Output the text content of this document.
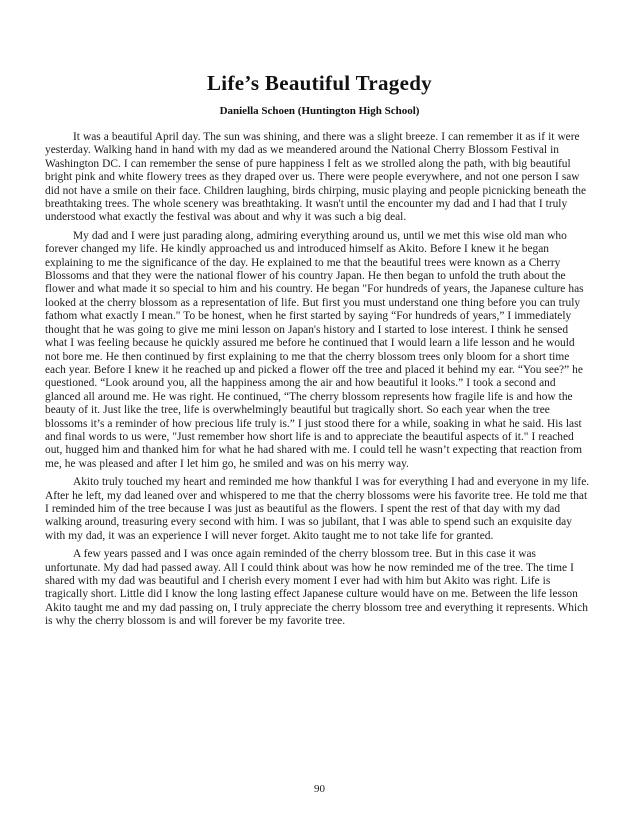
Life’s Beautiful Tragedy
Daniella Schoen (Huntington High School)

It was a beautiful April day. The sun was shining, and there was a slight breeze. I can remember it as if it were yesterday. Walking hand in hand with my dad as we meandered around the National Cherry Blossom Festival in Washington DC. I can remember the sense of pure happiness I felt as we strolled along the path, with big beautiful bright pink and white flowery trees as they draped over us. There were people everywhere, and not one person I saw did not have a smile on their face. Children laughing, birds chirping, music playing and people picnicking beneath the breathtaking trees. The whole scenery was breathtaking. It wasn't until the encounter my dad and I had that I truly understood what exactly the festival was about and why it was such a big deal.

My dad and I were just parading along, admiring everything around us, until we met this wise old man who forever changed my life. He kindly approached us and introduced himself as Akito. Before I knew it he began explaining to me the significance of the day. He explained to me that the beautiful trees were known as a Cherry Blossoms and that they were the national flower of his country Japan. He then began to unfold the truth about the flower and what made it so special to him and his country. He began "For hundreds of years, the Japanese culture has looked at the cherry blossom as a representation of life. But first you must understand one thing before you can truly fathom what exactly I mean." To be honest, when he first started by saying “For hundreds of years,” I immediately thought that he was going to give me mini lesson on Japan's history and I started to lose interest. I think he sensed what I was feeling because he quickly assured me before he continued that I would learn a life lesson and he would not bore me. He then continued by first explaining to me that the cherry blossom trees only bloom for a short time each year. Before I knew it he reached up and picked a flower off the tree and placed it behind my ear. “You see?” he questioned. “Look around you, all the happiness among the air and how beautiful it looks.” I took a second and glanced all around me. He was right. He continued, “The cherry blossom represents how fragile life is and how the beauty of it. Just like the tree, life is overwhelmingly beautiful but tragically short. So each year when the tree blossoms it’s a reminder of how precious life truly is.” I just stood there for a while, soaking in what he said. His last and final words to us were, "Just remember how short life is and to appreciate the beautiful aspects of it." I reached out, hugged him and thanked him for what he had shared with me. I could tell he wasn’t expecting that reaction from me, he was pleased and after I let him go, he smiled and was on his merry way.

Akito truly touched my heart and reminded me how thankful I was for everything I had and everyone in my life. After he left, my dad leaned over and whispered to me that the cherry blossoms were his favorite tree. He told me that I reminded him of the tree because I was just as beautiful as the flowers. I spent the rest of that day with my dad walking around, treasuring every second with him. I was so jubilant, that I was able to spend such an exquisite day with my dad, it was an experience I will never forget. Akito taught me to not take life for granted.

A few years passed and I was once again reminded of the cherry blossom tree. But in this case it was unfortunate. My dad had passed away. All I could think about was how he now reminded me of the tree. The time I shared with my dad was beautiful and I cherish every moment I ever had with him but Akito was right. Life is tragically short. Little did I know the long lasting effect Japanese culture would have on me. Between the life lesson Akito taught me and my dad passing on, I truly appreciate the cherry blossom tree and everything it represents. Which is why the cherry blossom is and will forever be my favorite tree.

90
